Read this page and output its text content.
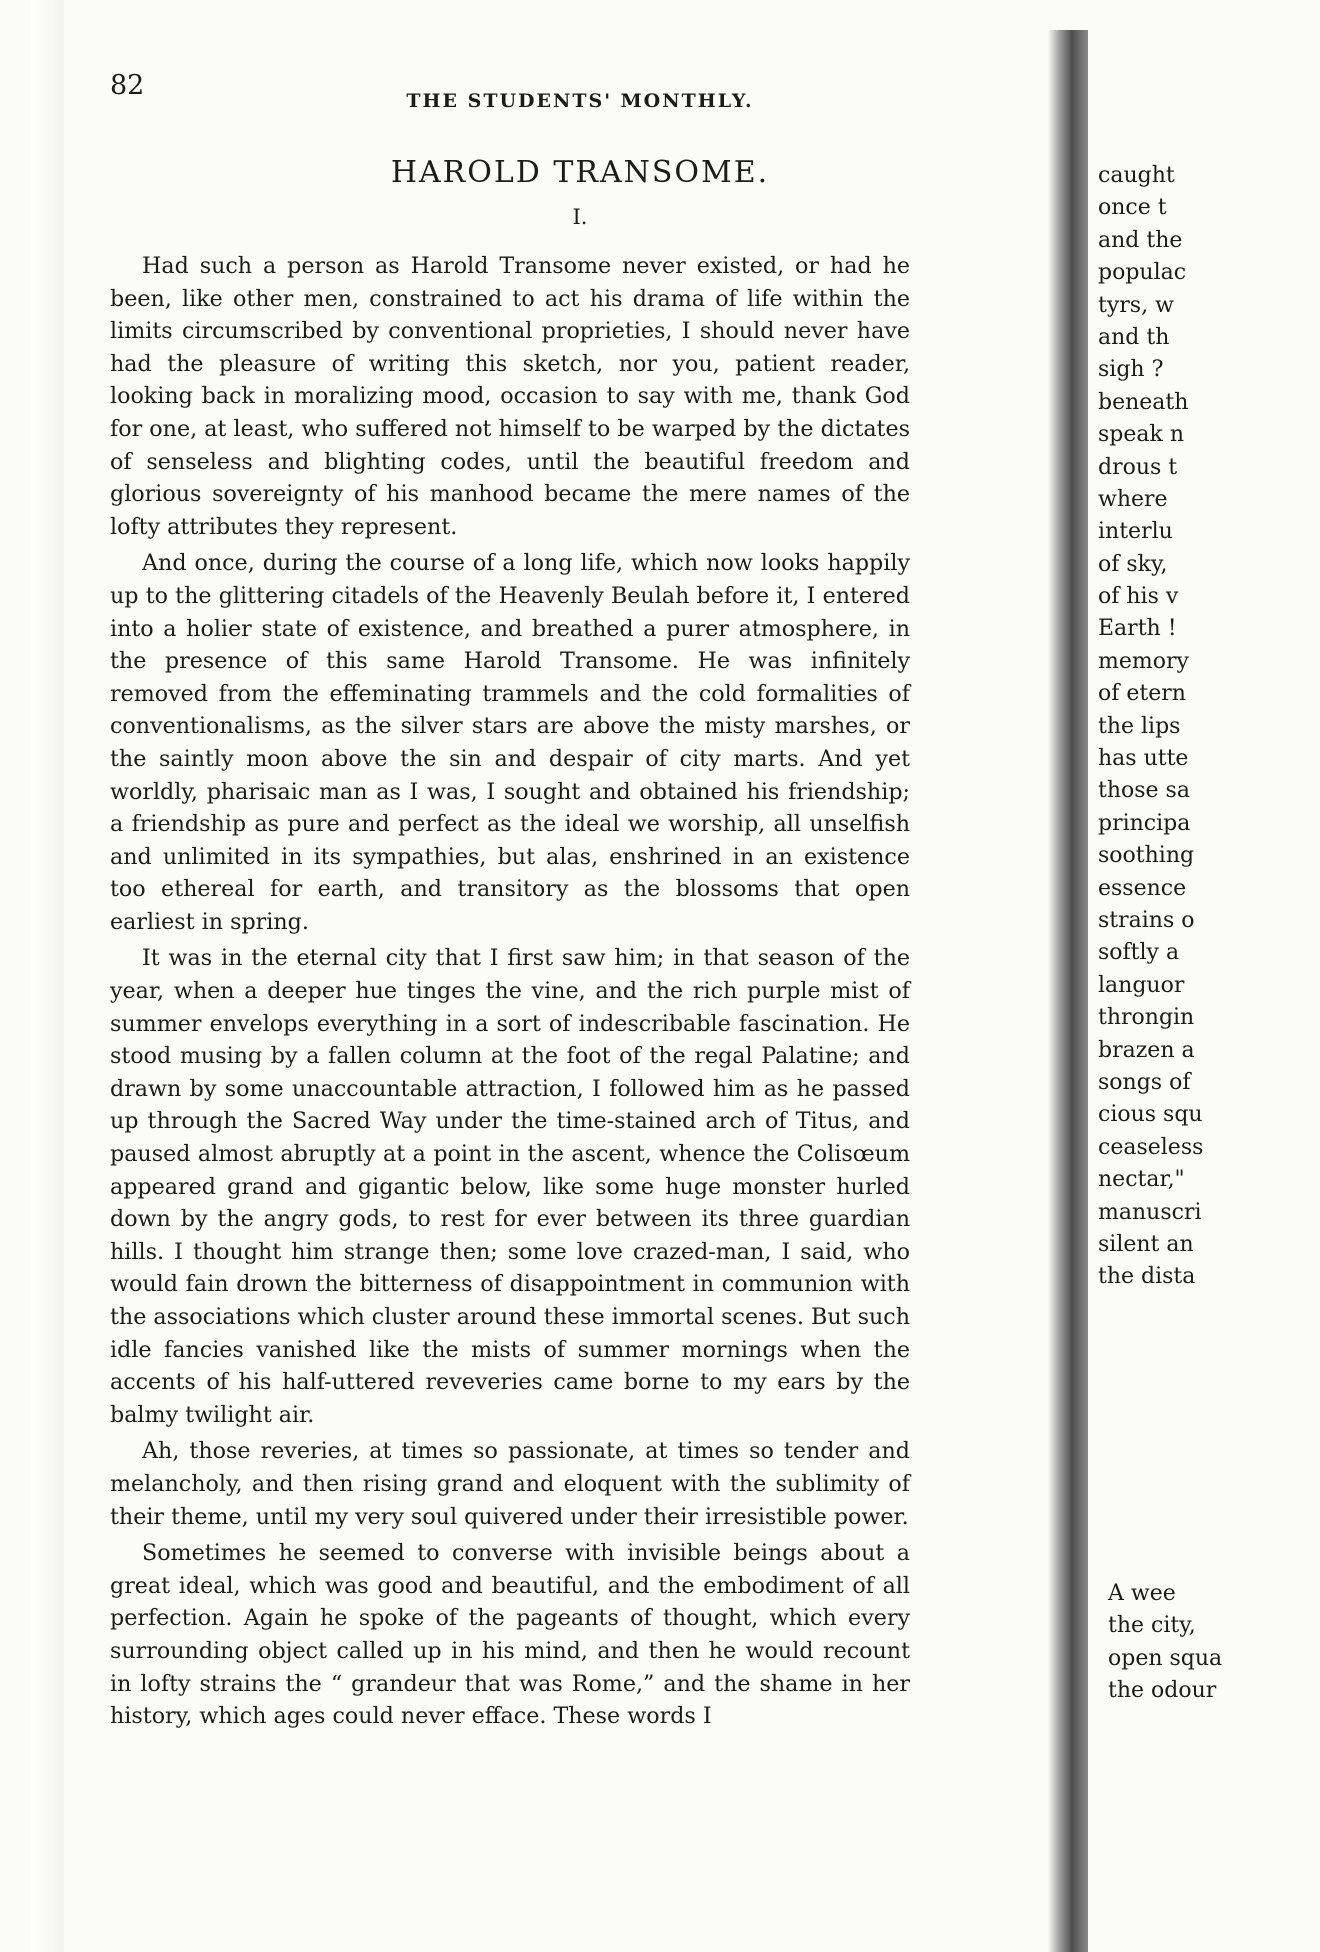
82	THE STUDENTS' MONTHLY.
HAROLD TRANSOME.
I.

Had such a person as Harold Transome never existed, or had he been, like other men, constrained to act his drama of life within the limits circumscribed by conventional proprieties, I should never have had the pleasure of writing this sketch, nor you, patient reader, looking back in moralizing mood, occasion to say with me, thank God for one, at least, who suffered not himself to be warped by the dictates of senseless and blighting codes, until the beautiful freedom and glorious sovereignty of his manhood became the mere names of the lofty attributes they represent.

And once, during the course of a long life, which now looks happily up to the glittering citadels of the Heavenly Beulah before it, I entered into a holier state of existence, and breathed a purer atmosphere, in the presence of this same Harold Transome. He was infinitely removed from the effeminating trammels and the cold formalities of conventionalisms, as the silver stars are above the misty marshes, or the saintly moon above the sin and despair of city marts. And yet worldly, pharisaic man as I was, I sought and obtained his friendship; a friendship as pure and perfect as the ideal we worship, all unselfish and unlimited in its sympathies, but alas, enshrined in an existence too ethereal for earth, and transitory as the blossoms that open earliest in spring.

It was in the eternal city that I first saw him; in that season of the year, when a deeper hue tinges the vine, and the rich purple mist of summer envelops everything in a sort of indescribable fascination. He stood musing by a fallen column at the foot of the regal Palatine; and drawn by some unaccountable attraction, I followed him as he passed up through the Sacred Way under the time-stained arch of Titus, and paused almost abruptly at a point in the ascent, whence the Colisœum appeared grand and gigantic below, like some huge monster hurled down by the angry gods, to rest for ever between its three guardian hills. I thought him strange then; some love crazed-man, I said, who would fain drown the bitterness of disappointment in communion with the associations which cluster around these immortal scenes. But such idle fancies vanished like the mists of summer mornings when the accents of his half-uttered reveveries came borne to my ears by the balmy twilight air.

Ah, those reveries, at times so passionate, at times so tender and melancholy, and then rising grand and eloquent with the sublimity of their theme, until my very soul quivered under their irresistible power.

Sometimes he seemed to converse with invisible beings about a great ideal, which was good and beautiful, and the embodiment of all perfection. Again he spoke of the pageants of thought, which every surrounding object called up in his mind, and then he would recount in lofty strains the “ grandeur that was Rome,” and the shame in her history, which ages could never efface. These words I

caught
once t
and the
populac
tyrs, w
and th
sigh ?
beneath
speak n
drous t
where
interlu
of sky,
of his v
Earth !
memory
of etern
the lips
has utte
those sa
principa
soothing
essence
strains o
softly a
languor
throngin
brazen a
songs of
cious squ
ceaseless
nectar,"
manuscri
silent an
the dista
A wee
the city,
open squa
the odour
